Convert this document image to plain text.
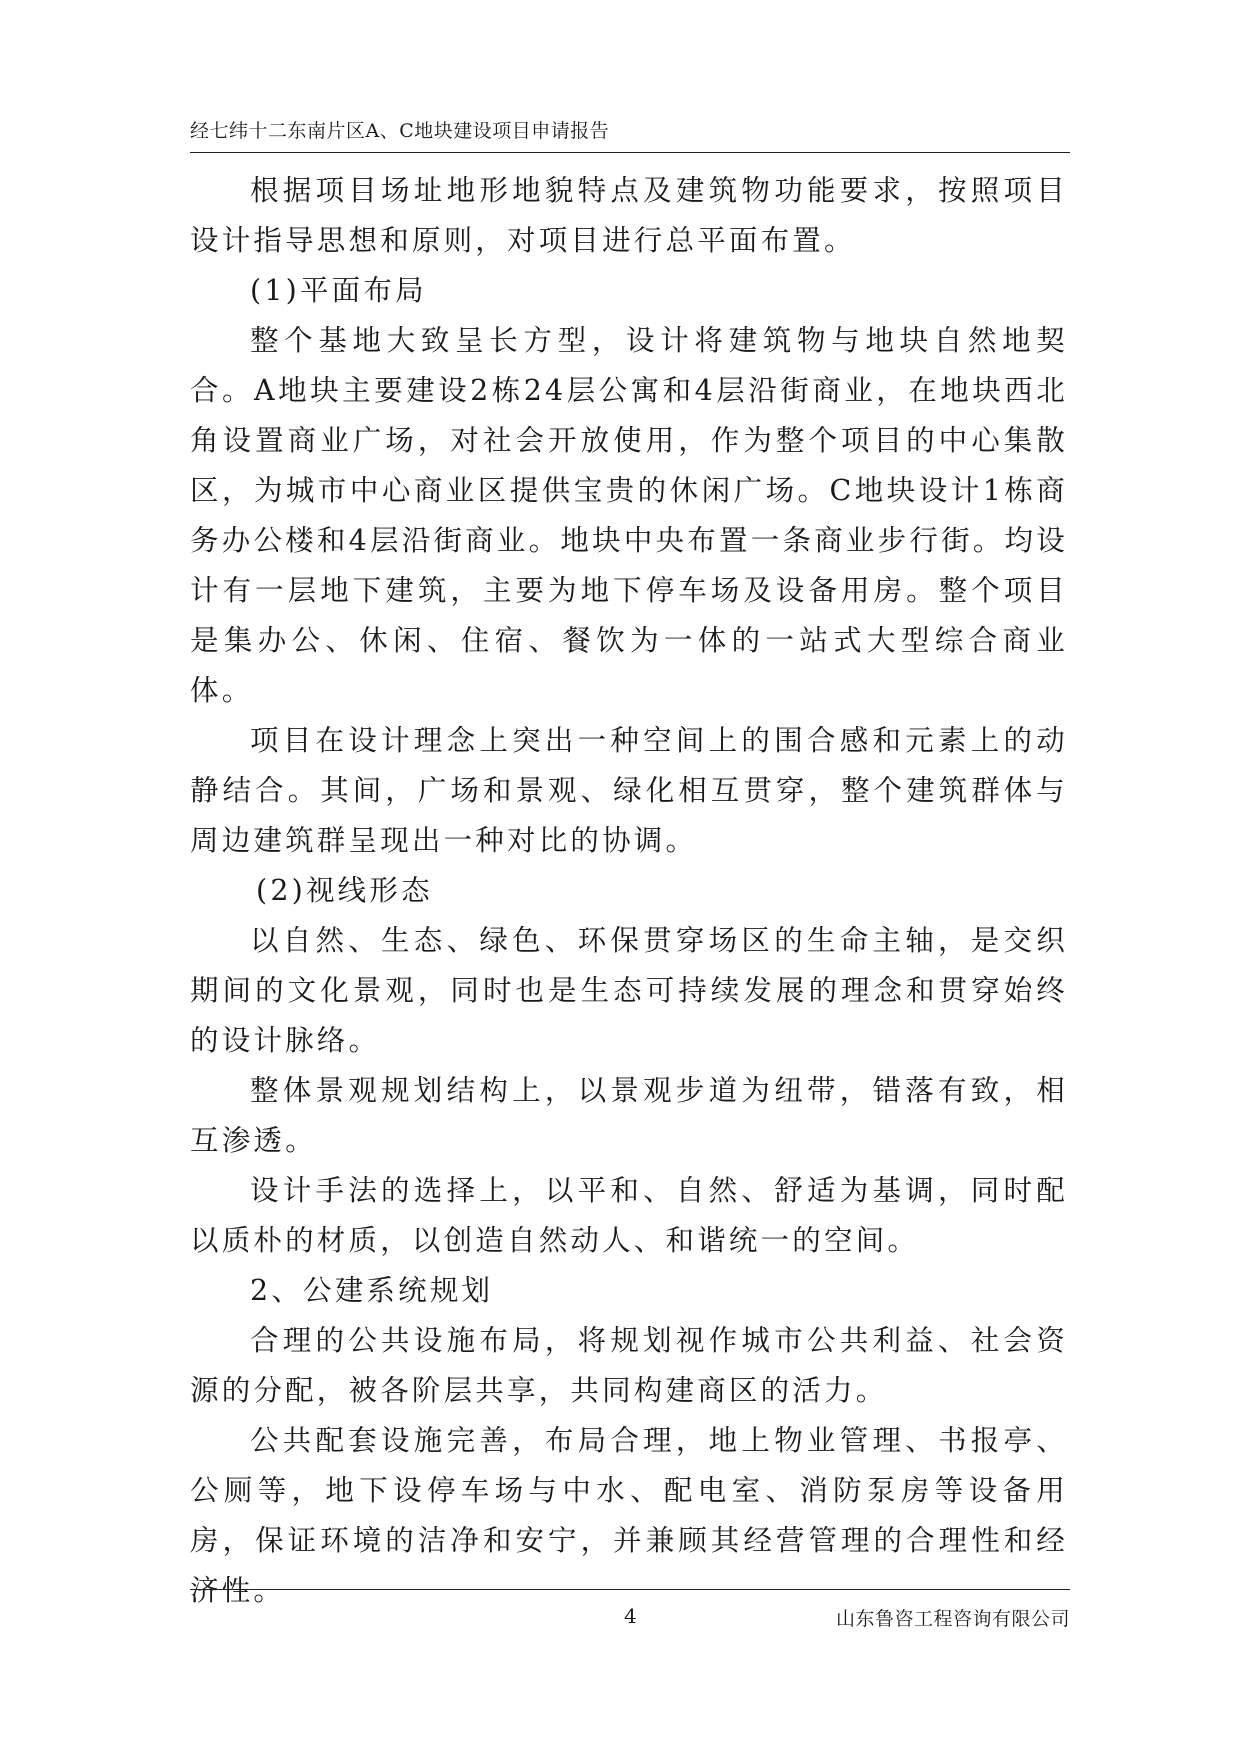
经七纬十二东南片区A、C地块建设项目申请报告

根据项目场址地形地貌特点及建筑物功能要求，按照项目设计指导思想和原则，对项目进行总平面布置。

(1)平面布局

整个基地大致呈长方型，设计将建筑物与地块自然地契合。A地块主要建设2栋24层公寓和4层沿街商业，在地块西北角设置商业广场，对社会开放使用，作为整个项目的中心集散区，为城市中心商业区提供宝贵的休闲广场。C地块设计1栋商务办公楼和4层沿街商业。地块中央布置一条商业步行街。均设计有一层地下建筑，主要为地下停车场及设备用房。整个项目是集办公、休闲、住宿、餐饮为一体的一站式大型综合商业体。

项目在设计理念上突出一种空间上的围合感和元素上的动静结合。其间，广场和景观、绿化相互贯穿，整个建筑群体与周边建筑群呈现出一种对比的协调。

(2)视线形态

以自然、生态、绿色、环保贯穿场区的生命主轴，是交织期间的文化景观，同时也是生态可持续发展的理念和贯穿始终的设计脉络。

整体景观规划结构上，以景观步道为纽带，错落有致，相互渗透。

设计手法的选择上，以平和、自然、舒适为基调，同时配以质朴的材质，以创造自然动人、和谐统一的空间。

2、公建系统规划

合理的公共设施布局，将规划视作城市公共利益、社会资源的分配，被各阶层共享，共同构建商区的活力。

公共配套设施完善，布局合理，地上物业管理、书报亭、公厕等，地下设停车场与中水、配电室、消防泵房等设备用房，保证环境的洁净和安宁，并兼顾其经营管理的合理性和经济性。

4	山东鲁咨工程咨询有限公司
